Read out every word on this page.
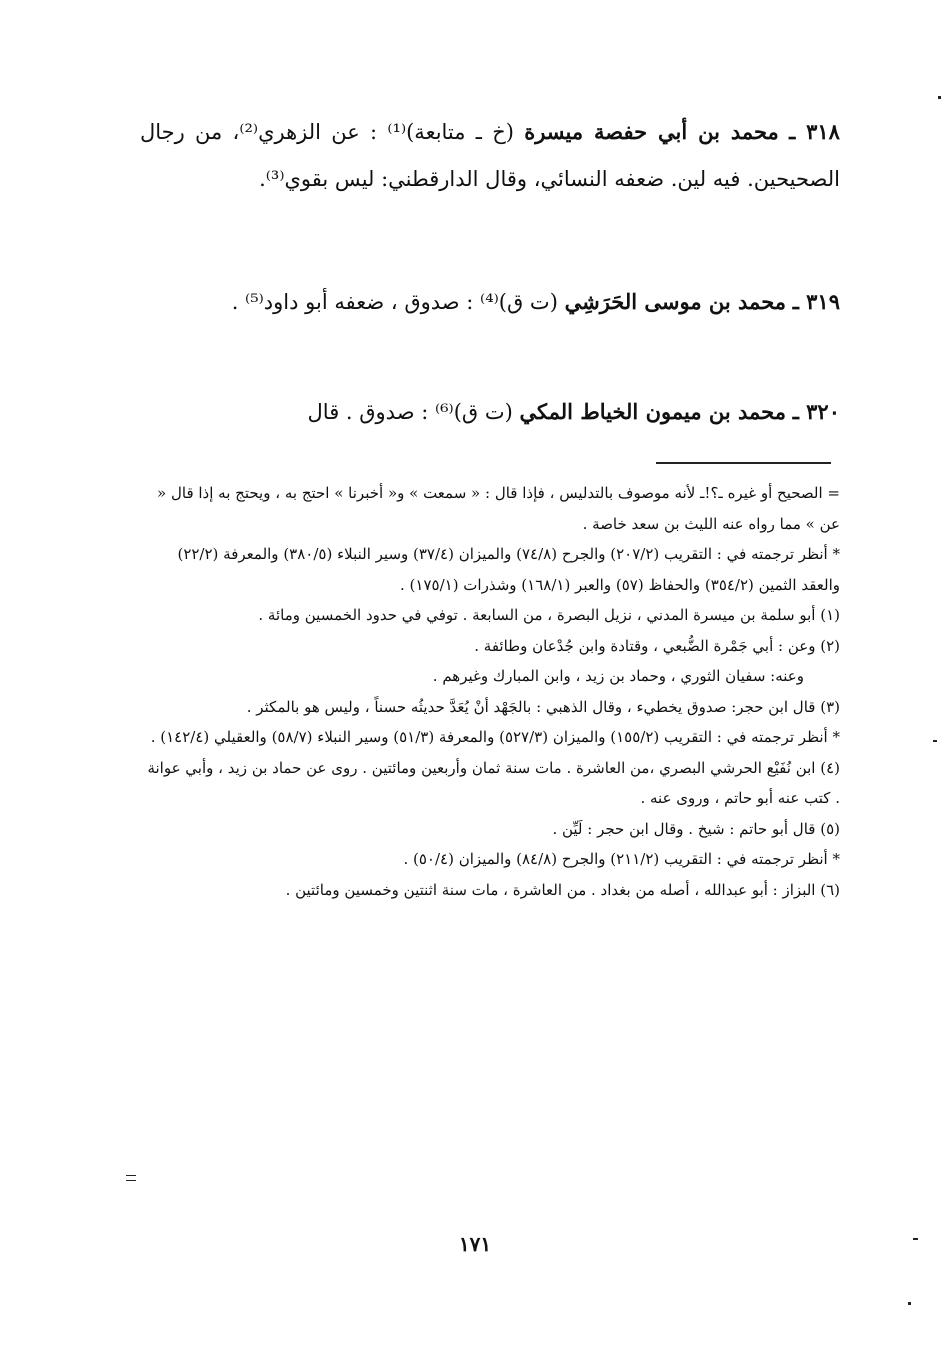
٣١٨ ـ محمد بن أبي حفصة ميسرة (خ ـ متابعة)⁽¹⁾ : عن الزهري⁽²⁾، من رجال الصحيحين. فيه لين. ضعفه النسائي، وقال الدارقطني: ليس بقوي⁽³⁾.
٣١٩ ـ محمد بن موسى الحَرَشِي (ت ق)⁽⁴⁾ : صدوق ، ضعفه أبو داود⁽⁵⁾ .
٣٢٠ ـ محمد بن ميمون الخياط المكي (ت ق)⁽⁶⁾ : صدوق . قال

= الصحيح أو غيره ـ؟!ـ لأنه موصوف بالتدليس ، فإذا قال : « سمعت » و« أخبرنا » احتج به ، ويحتج به إذا قال « عن » مما رواه عنه الليث بن سعد خاصة .

* أنظر ترجمته في : التقريب (٢٠٧/٢) والجرح (٧٤/٨) والميزان (٣٧/٤) وسير النبلاء (٣٨٠/٥) والمعرفة (٢٢/٢) والعقد الثمين (٣٥٤/٢) والحفاظ (٥٧) والعبر (١٦٨/١) وشذرات (١٧٥/١) .

(١) أبو سلمة بن ميسرة المدني ، نزيل البصرة ، من السابعة . توفي في حدود الخمسين ومائة .

(٢) وعن : أبي جَمْرة الضُّبعي ، وقتادة وابن جُدْعان وطائفة .

وعنه: سفيان الثوري ، وحماد بن زيد ، وابن المبارك وغيرهم .

(٣) قال ابن حجر: صدوق يخطيء ، وقال الذهبي : بالجَهْد أنْ يُعَدَّ حديثُه حسناً ، وليس هو بالمكثر .

* أنظر ترجمته في : التقريب (١٥٥/٢) والميزان (٥٢٧/٣) والمعرفة (٥١/٣) وسير النبلاء (٥٨/٧) والعقيلي (١٤٢/٤) .

(٤) ابن نُفَيْع الحرشي البصري ،من العاشرة . مات سنة ثمان وأربعين ومائتين . روى عن حماد بن زيد ، وأبي عوانة . كتب عنه أبو حاتم ، وروى عنه .

(٥) قال أبو حاتم : شيخ . وقال ابن حجر : لَيِّن .

* أنظر ترجمته في : التقريب (٢١١/٢) والجرح (٨٤/٨) والميزان (٥٠/٤) .

(٦) البزاز : أبو عبدالله ، أصله من بغداد . من العاشرة ، مات سنة اثنتين وخمسين ومائتين .

١٧١
